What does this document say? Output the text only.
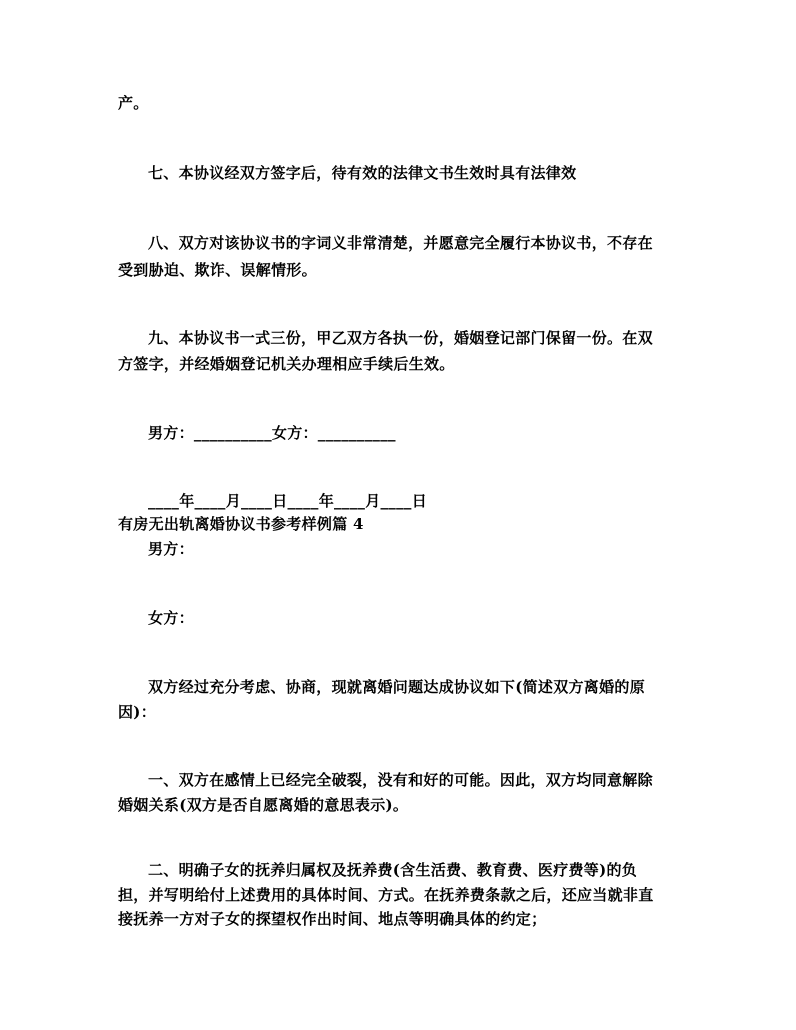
产。
七、本协议经双方签字后，待有效的法律文书生效时具有法律效
八、双方对该协议书的字词义非常清楚，并愿意完全履行本协议书，不存在
受到胁迫、欺诈、误解情形。
九、本协议书一式三份，甲乙双方各执一份，婚姻登记部门保留一份。在双
方签字，并经婚姻登记机关办理相应手续后生效。
男方：__________女方：__________
____年____月____日____年____月____日
有房无出轨离婚协议书参考样例篇 4
男方：
女方：
双方经过充分考虑、协商，现就离婚问题达成协议如下(简述双方离婚的原
因)：
一、双方在感情上已经完全破裂，没有和好的可能。因此，双方均同意解除
婚姻关系(双方是否自愿离婚的意思表示)。
二、明确子女的抚养归属权及抚养费(含生活费、教育费、医疗费等)的负
担，并写明给付上述费用的具体时间、方式。在抚养费条款之后，还应当就非直
接抚养一方对子女的探望权作出时间、地点等明确具体的约定；
